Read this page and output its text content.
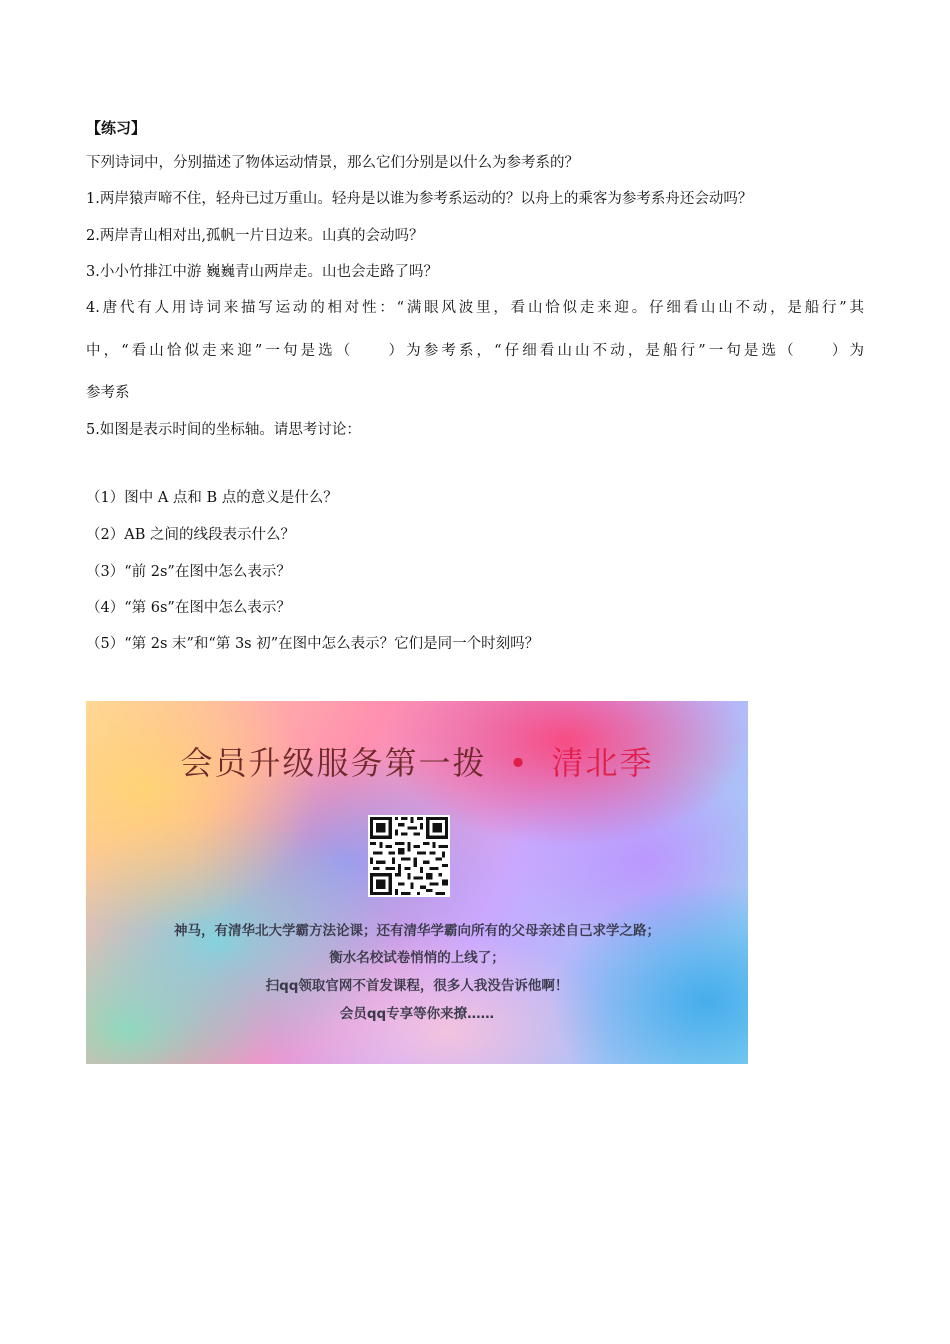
【练习】
下列诗词中，分别描述了物体运动情景，那么它们分别是以什么为参考系的？
1.两岸猿声啼不住，轻舟已过万重山。轻舟是以谁为参考系运动的？以舟上的乘客为参考系舟还会动吗？
2.两岸青山相对出,孤帆一片日边来。山真的会动吗？
3.小小竹排江中游 巍巍青山两岸走。山也会走路了吗？
4.唐代有人用诗词来描写运动的相对性：“满眼风波里，看山恰似走来迎。仔细看山山不动，是船行”其
中，“看山恰似走来迎”一句是选（　　）为参考系，“仔细看山山不动，是船行”一句是选（　　）为
参考系
5.如图是表示时间的坐标轴。请思考讨论：
（1）图中 A 点和 B 点的意义是什么？
（2）AB 之间的线段表示什么？
（3）“前 2s”在图中怎么表示？
（4）“第 6s”在图中怎么表示？
（5）“第 2s 末”和“第 3s 初”在图中怎么表示？它们是同一个时刻吗？
会员升级服务第一拨 • 清北季
神马，有清华北大学霸方法论课；还有清华学霸向所有的父母亲述自己求学之路；
衡水名校试卷悄悄的上线了；
扫qq领取官网不首发课程，很多人我没告诉他啊！
会员qq专享等你来撩……
